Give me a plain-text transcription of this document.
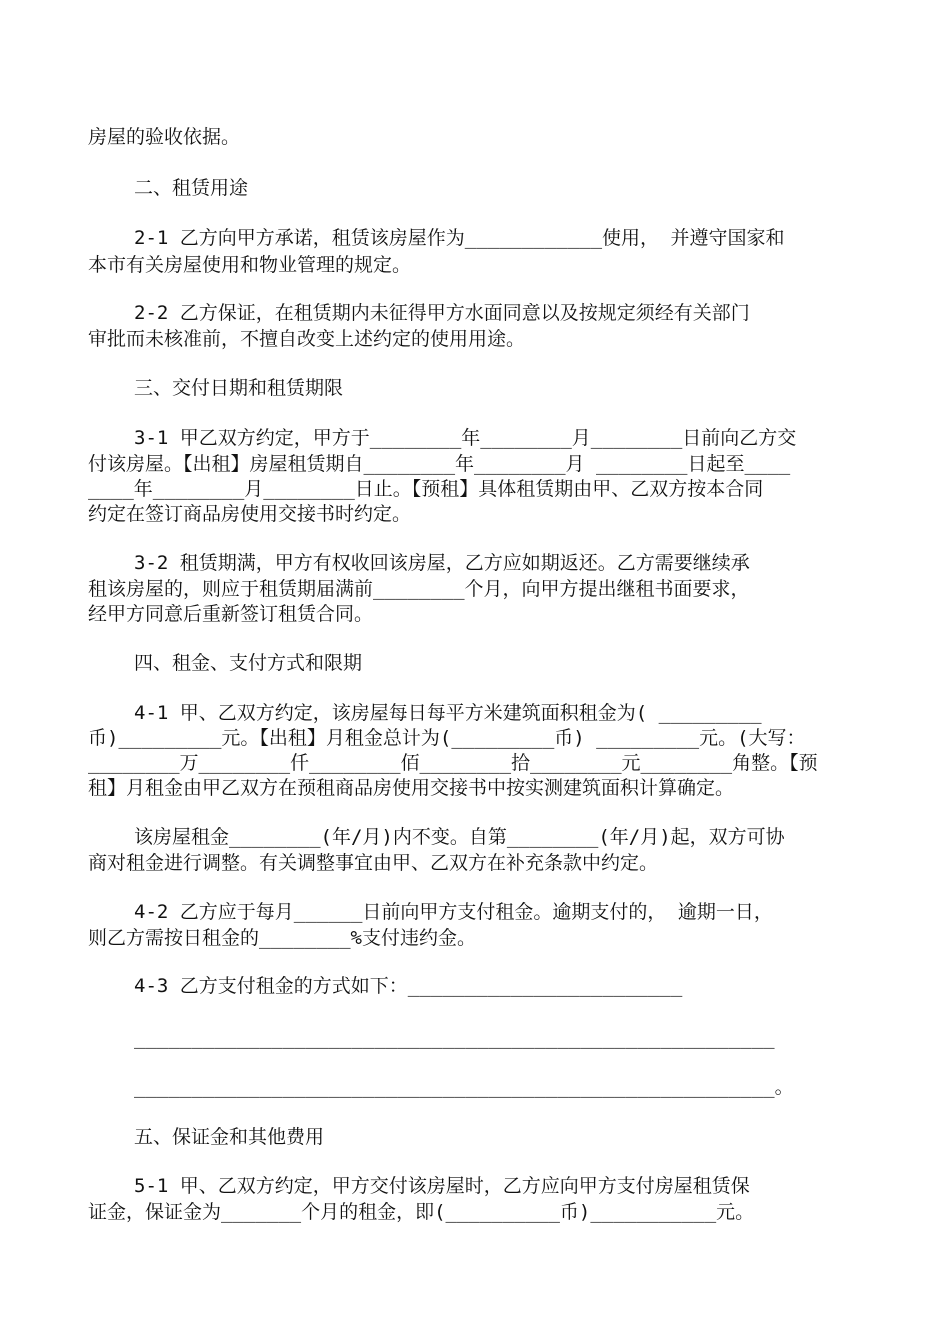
房屋的验收依据。
二、租赁用途
2-1 乙方向甲方承诺，租赁该房屋作为____________使用， 并遵守国家和
本市有关房屋使用和物业管理的规定。
2-2 乙方保证，在租赁期内未征得甲方水面同意以及按规定须经有关部门
审批而未核准前，不擅自改变上述约定的使用用途。
三、交付日期和租赁期限
3-1 甲乙双方约定，甲方于________年________月________日前向乙方交
付该房屋。【出租】房屋租赁期自________年________月 ________日起至____
____年________月________日止。【预租】具体租赁期由甲、乙双方按本合同
约定在签订商品房使用交接书时约定。
3-2 租赁期满，甲方有权收回该房屋，乙方应如期返还。乙方需要继续承
租该房屋的，则应于租赁期届满前________个月，向甲方提出继租书面要求，
经甲方同意后重新签订租赁合同。
四、租金、支付方式和限期
4-1 甲、乙双方约定，该房屋每日每平方米建筑面积租金为( _________
币)_________元。【出租】月租金总计为(_________币) _________元。(大写：
________万________仟________佰________拾________元________角整。【预
租】月租金由甲乙双方在预租商品房使用交接书中按实测建筑面积计算确定。
该房屋租金________(年/月)内不变。自第________(年/月)起，双方可协
商对租金进行调整。有关调整事宜由甲、乙双方在补充条款中约定。
4-2 乙方应于每月______日前向甲方支付租金。逾期支付的， 逾期一日，
则乙方需按日租金的________%支付违约金。
4-3 乙方支付租金的方式如下：________________________
________________________________________________________
________________________________________________________。
五、保证金和其他费用
5-1 甲、乙双方约定，甲方交付该房屋时，乙方应向甲方支付房屋租赁保
证金，保证金为_______个月的租金，即(__________币)___________元。
